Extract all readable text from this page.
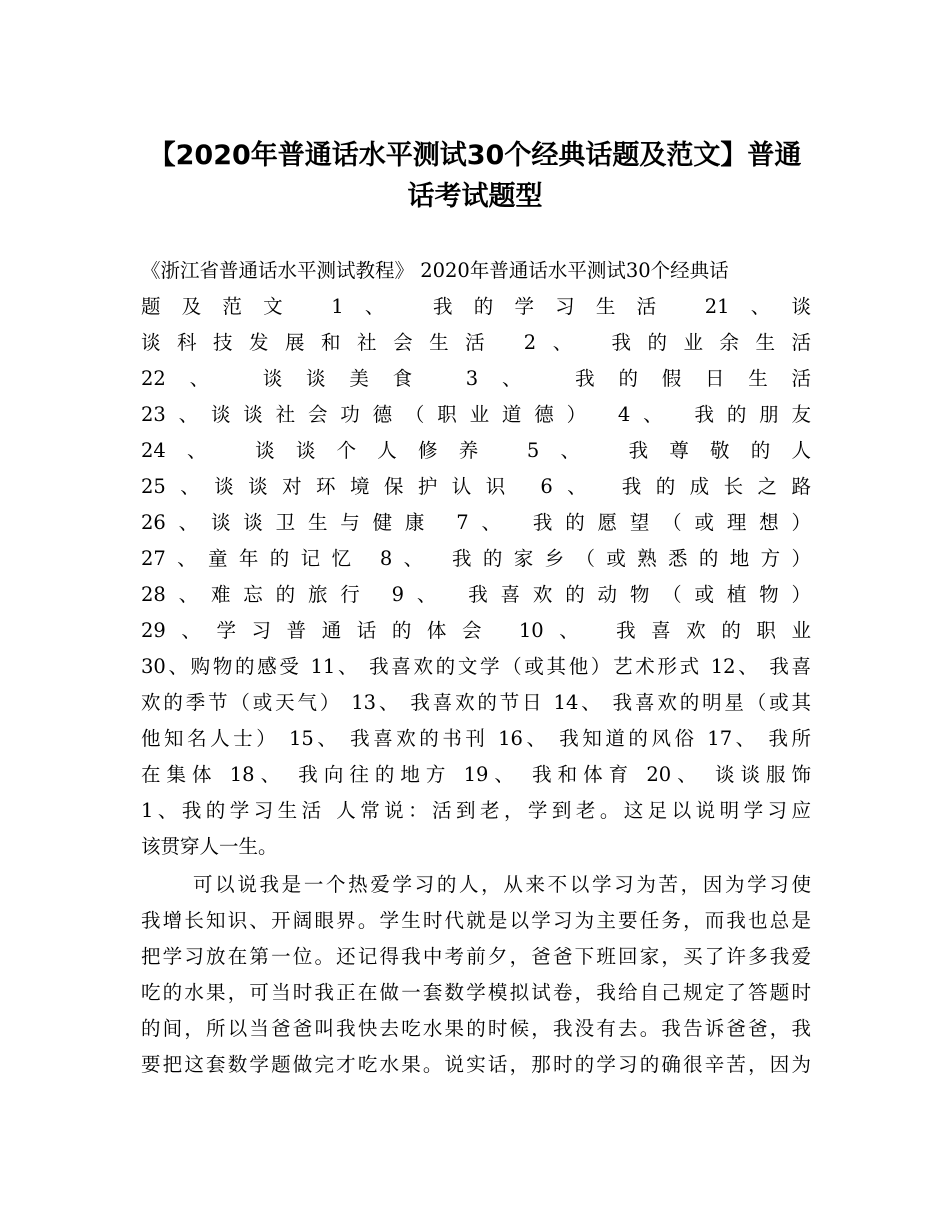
【2020年普通话水平测试30个经典话题及范文】普通
话考试题型
《浙江省普通话水平测试教程》 2020年普通话水平测试30个经典话
题及范文 1、 我的学习生活 21、谈
谈科技发展和社会生活 2、 我的业余生活
22、 谈谈美食 3、 我的假日生活
23、谈谈社会功德（职业道德） 4、 我的朋友
24、 谈谈个人修养 5、 我尊敬的人
25、谈谈对环境保护认识 6、 我的成长之路
26、谈谈卫生与健康 7、 我的愿望（或理想）
27、童年的记忆 8、 我的家乡（或熟悉的地方）
28、难忘的旅行 9、 我喜欢的动物（或植物）
29、学习普通话的体会 10、 我喜欢的职业
30、购物的感受 11、 我喜欢的文学（或其他）艺术形式 12、 我喜
欢的季节（或天气） 13、 我喜欢的节日 14、 我喜欢的明星（或其
他知名人士） 15、 我喜欢的书刊 16、 我知道的风俗 17、 我所
在集体 18、 我向往的地方 19、 我和体育 20、 谈谈服饰
1、我的学习生活 人常说：活到老，学到老。这足以说明学习应
该贯穿人一生。
可以说我是一个热爱学习的人，从来不以学习为苦，因为学习使
我增长知识、开阔眼界。学生时代就是以学习为主要任务，而我也总是
把学习放在第一位。还记得我中考前夕，爸爸下班回家，买了许多我爱
吃的水果，可当时我正在做一套数学模拟试卷，我给自己规定了答题时
的间，所以当爸爸叫我快去吃水果的时候，我没有去。我告诉爸爸，我
要把这套数学题做完才吃水果。说实话，那时的学习的确很辛苦，因为
